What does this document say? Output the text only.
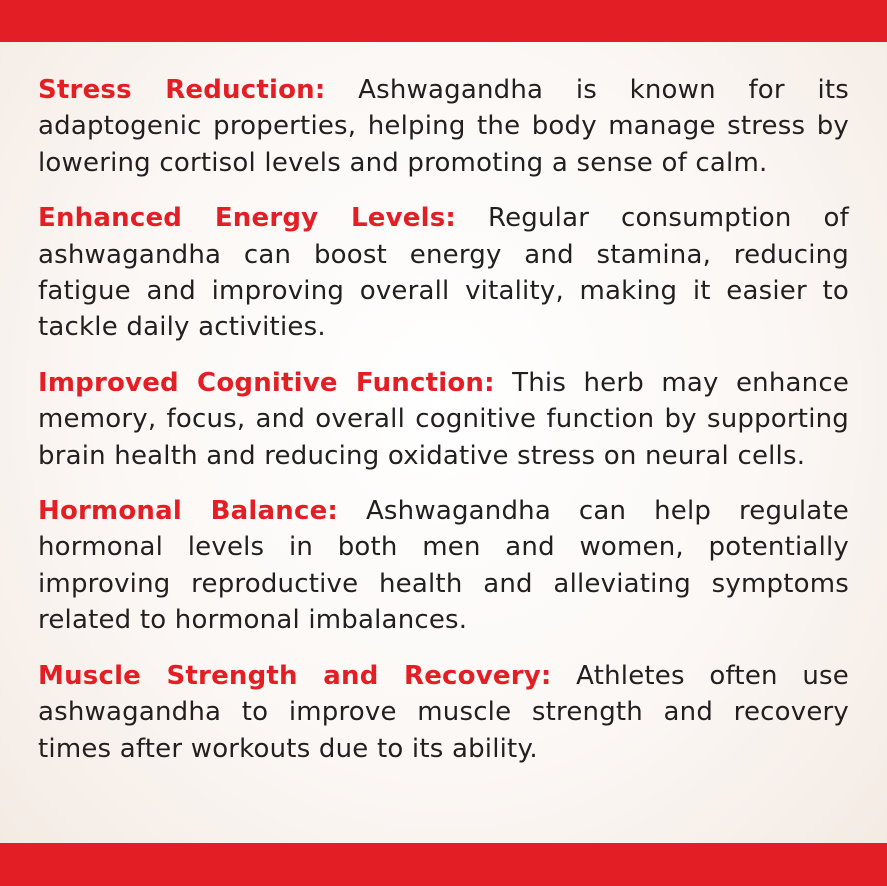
Stress Reduction: Ashwagandha is known for its adaptogenic properties, helping the body manage stress by lowering cortisol levels and promoting a sense of calm.

Enhanced Energy Levels: Regular consumption of ashwagandha can boost energy and stamina, reducing fatigue and improving overall vitality, making it easier to tackle daily activities.

Improved Cognitive Function: This herb may enhance memory, focus, and overall cognitive function by supporting brain health and reducing oxidative stress on neural cells.

Hormonal Balance: Ashwagandha can help regulate hormonal levels in both men and women, potentially improving reproductive health and alleviating symptoms related to hormonal imbalances.

Muscle Strength and Recovery: Athletes often use ashwagandha to improve muscle strength and recovery times after workouts due to its ability.
